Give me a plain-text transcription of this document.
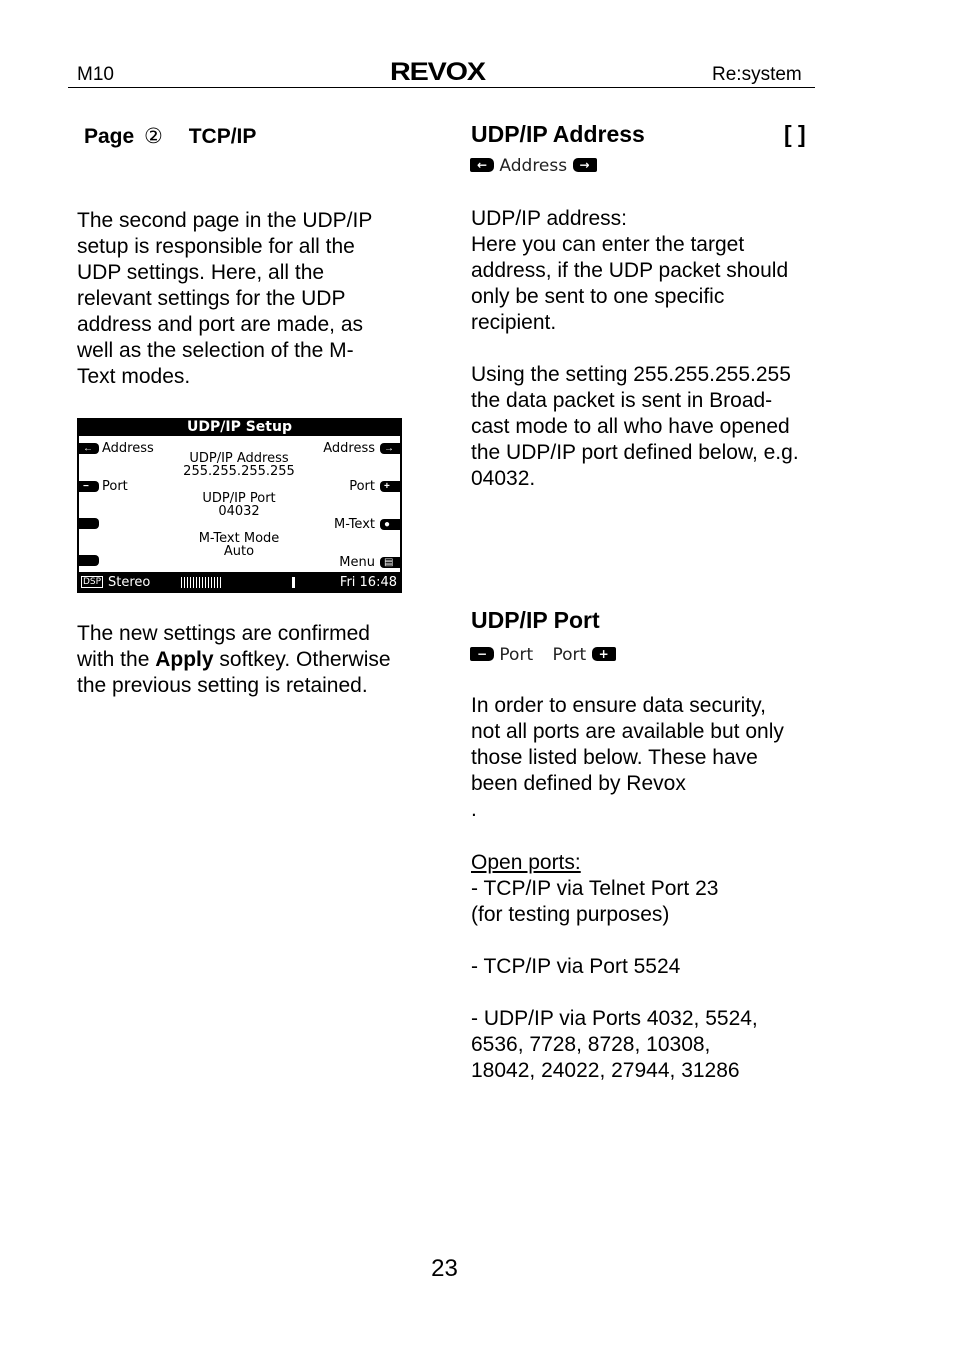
M10	REVOX	Re:system
Page ② TCP/IP
The second page in the UDP/IP
setup is responsible for all the
UDP settings. Here, all the
relevant settings for the UDP
address and port are made, as
well as the selection of the M-
Text modes.
UDP/IP Setup
← Address
− Port
Address →
Port +
M-Text ●
Menu ▤
UDP/IP Address
255.255.255.255
UDP/IP Port
04032
M-Text Mode
Auto
DSP Stereo	Fri 16:48
The new settings are confirmed
with the Apply softkey. Otherwise
the previous setting is retained.
UDP/IP Address	[ ]
← Address →
UDP/IP address:
Here you can enter the target
address, if the UDP packet should
only be sent to one specific
recipient.

Using the setting 255.255.255.255
the data packet is sent in Broad-
cast mode to all who have opened
the UDP/IP port defined below, e.g.
04032.
UDP/IP Port
− Port Port +
In order to ensure data security,
not all ports are available but only
those listed below. These have
been defined by Revox
.
Open ports:
- TCP/IP via Telnet Port 23
(for testing purposes)

- TCP/IP via Port 5524

- UDP/IP via Ports 4032, 5524,
6536, 7728, 8728, 10308,
18042, 24022, 27944, 31286
23
